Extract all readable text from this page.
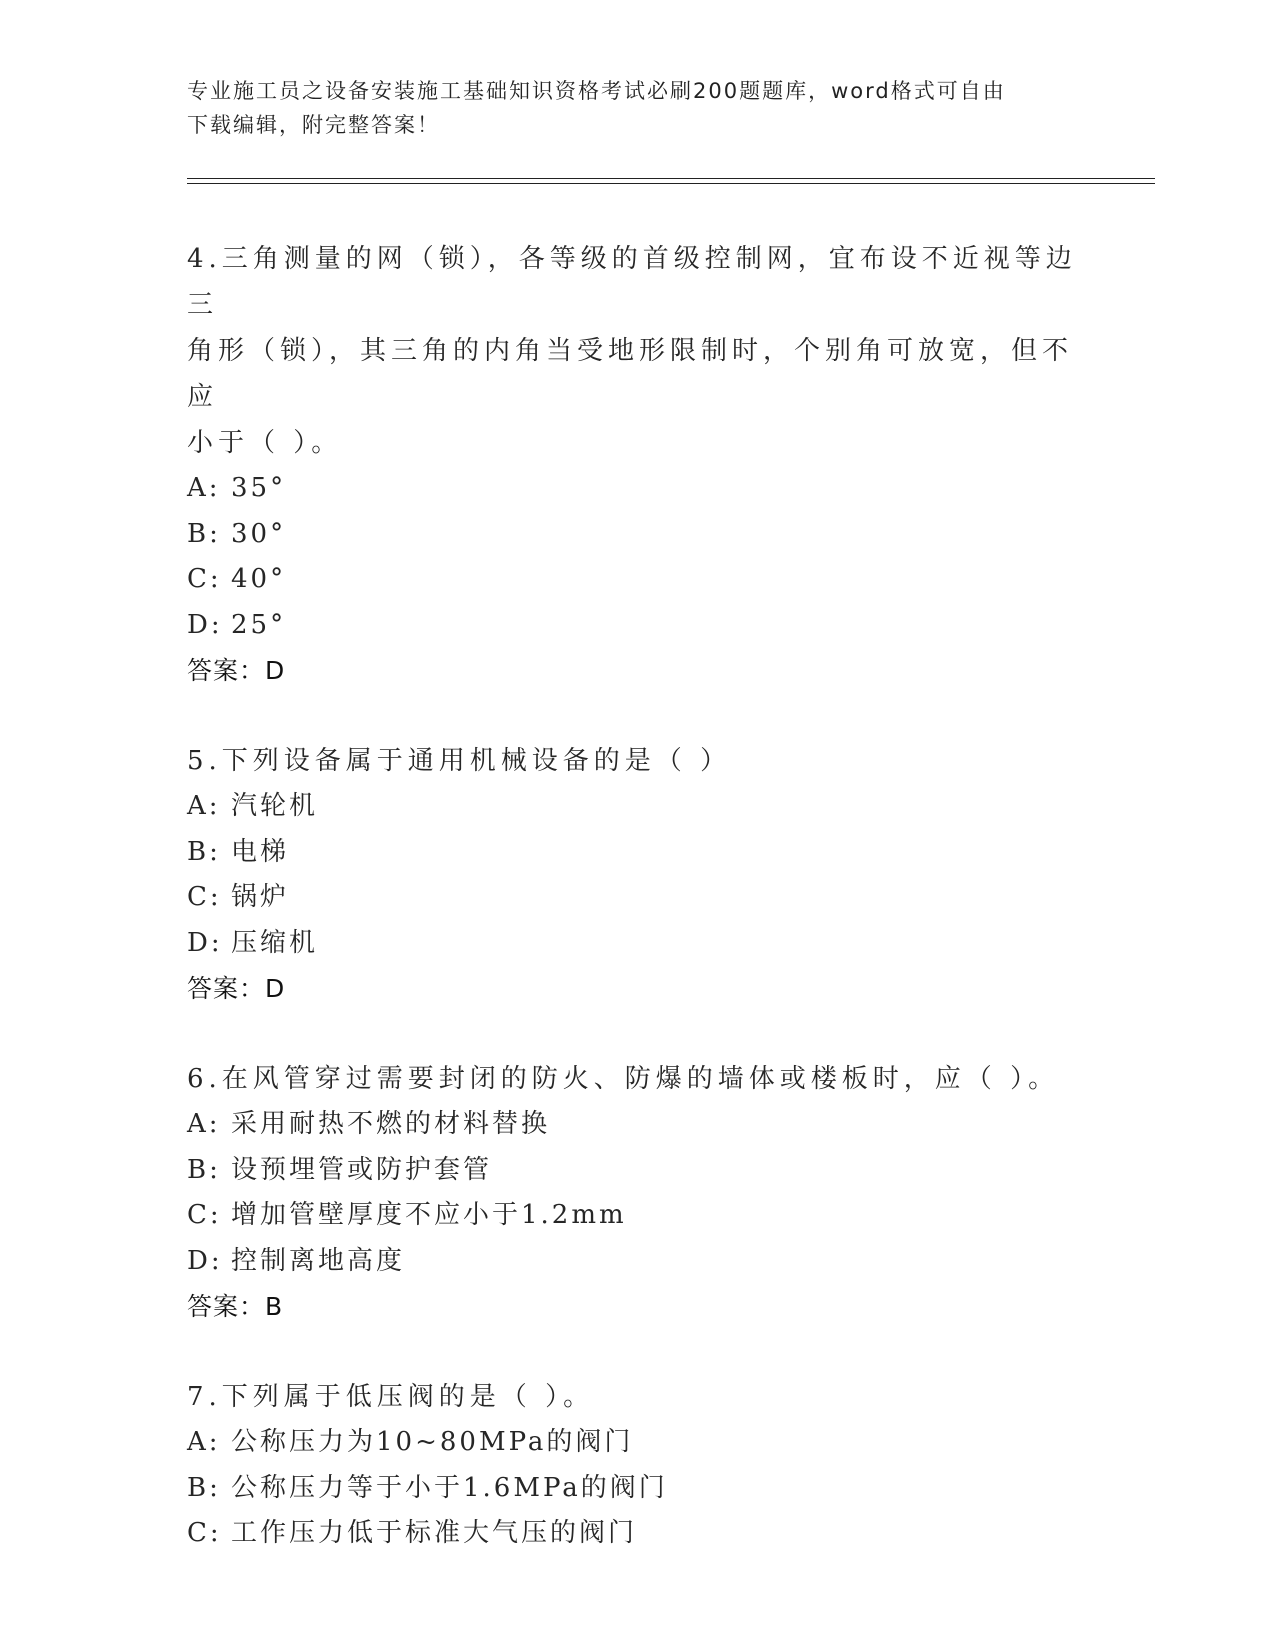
专业施工员之设备安装施工基础知识资格考试必刷200题题库，word格式可自由

下载编辑，附完整答案！

4.三角测量的网（锁），各等级的首级控制网，宜布设不近视等边三

角形（锁），其三角的内角当受地形限制时，个别角可放宽，但不应

小于（ ）。

A: 35°

B: 30°

C: 40°

D: 25°

答案：D

5.下列设备属于通用机械设备的是（ ）

A: 汽轮机

B: 电梯

C: 锅炉

D: 压缩机

答案：D

6.在风管穿过需要封闭的防火、防爆的墙体或楼板时，应（ ）。

A: 采用耐热不燃的材料替换

B: 设预埋管或防护套管

C: 增加管壁厚度不应小于1.2mm

D: 控制离地高度

答案：B

7.下列属于低压阀的是（ ）。

A: 公称压力为10~80MPa的阀门

B: 公称压力等于小于1.6MPa的阀门

C: 工作压力低于标准大气压的阀门
